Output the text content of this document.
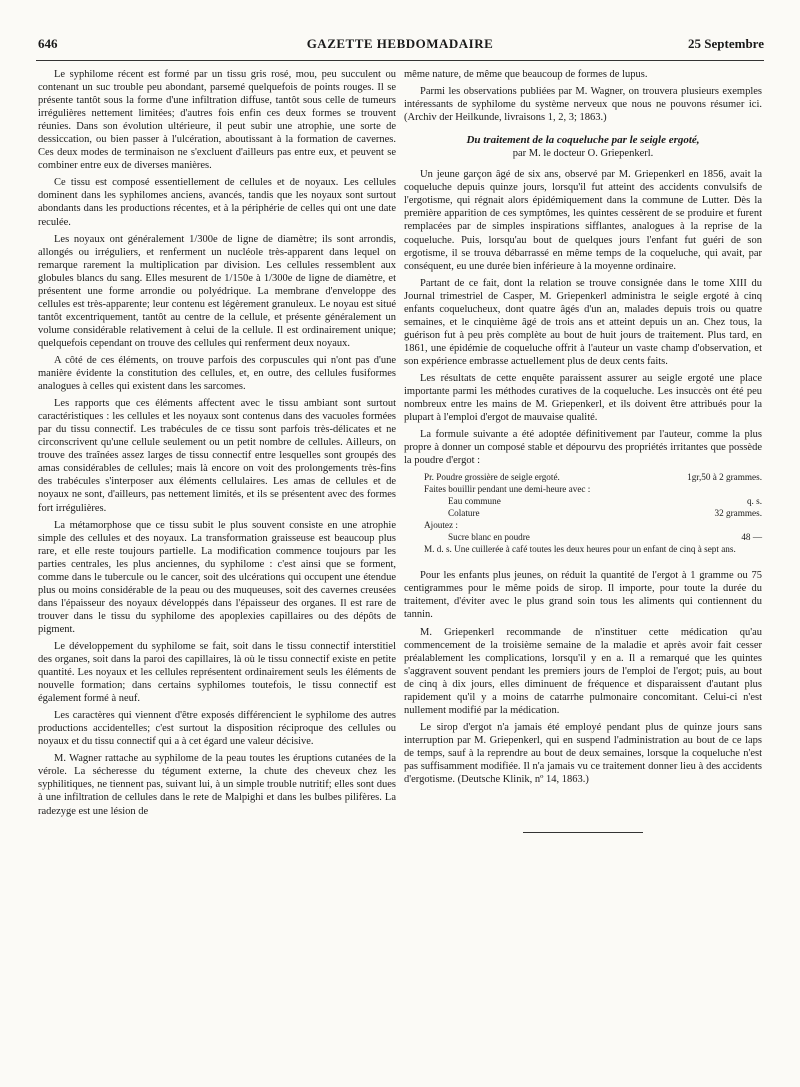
646	GAZETTE HEBDOMADAIRE	25 Septembre

Le syphilome récent est formé par un tissu gris rosé, mou, peu succulent ou contenant un suc trouble peu abondant, parsemé quelquefois de points rouges. Il se présente tantôt sous la forme d'une infiltration diffuse, tantôt sous celle de tumeurs irrégulières nettement limitées; d'autres fois enfin ces deux formes se trouvent réunies. Dans son évolution ultérieure, il peut subir une atrophie, une sorte de dessiccation, ou bien passer à l'ulcération, aboutissant à la formation de cavernes. Ces deux modes de terminaison ne s'excluent d'ailleurs pas entre eux, et peuvent se combiner entre eux de diverses manières.

Ce tissu est composé essentiellement de cellules et de noyaux. Les cellules dominent dans les syphilomes anciens, avancés, tandis que les noyaux sont surtout abondants dans les productions récentes, et à la périphérie de celles qui ont une date reculée.

Les noyaux ont généralement 1/300e de ligne de diamètre; ils sont arrondis, allongés ou irréguliers, et renferment un nucléole très-apparent dans lequel on remarque rarement la multiplication par division. Les cellules ressemblent aux globules blancs du sang. Elles mesurent de 1/150e à 1/300e de ligne de diamètre, et présentent une forme arrondie ou polyédrique. La membrane d'enveloppe des cellules est très-apparente; leur contenu est légèrement granuleux. Le noyau est situé tantôt excentriquement, tantôt au centre de la cellule, et présente généralement un volume considérable relativement à celui de la cellule. Il est ordinairement unique; quelquefois cependant on trouve des cellules qui renferment deux noyaux.

A côté de ces éléments, on trouve parfois des corpuscules qui n'ont pas d'une manière évidente la constitution des cellules, et, en outre, des cellules fusiformes analogues à celles qui existent dans les sarcomes.

Les rapports que ces éléments affectent avec le tissu ambiant sont surtout caractéristiques : les cellules et les noyaux sont contenus dans des vacuoles formées par du tissu connectif. Les trabécules de ce tissu sont parfois très-délicates et ne circonscrivent qu'une cellule seulement ou un petit nombre de cellules. Ailleurs, on trouve des traînées assez larges de tissu connectif entre lesquelles sont groupés des amas considérables de cellules; mais là encore on voit des prolongements très-fins des trabécules s'interposer aux éléments cellulaires. Les amas de cellules et de noyaux ne sont, d'ailleurs, pas nettement limités, et ils se présentent avec des formes fort irrégulières.

La métamorphose que ce tissu subit le plus souvent consiste en une atrophie simple des cellules et des noyaux. La transformation graisseuse est beaucoup plus rare, et elle reste toujours partielle. La modification commence toujours par les parties centrales, les plus anciennes, du syphilome : c'est ainsi que se forment, comme dans le tubercule ou le cancer, soit des ulcérations qui occupent une étendue plus ou moins considérable de la peau ou des muqueuses, soit des cavernes creusées dans l'épaisseur des noyaux développés dans l'épaisseur des organes. Il est rare de trouver dans le tissu du syphilome des apoplexies capillaires ou des dépôts de pigment.

Le développement du syphilome se fait, soit dans le tissu connectif interstitiel des organes, soit dans la paroi des capillaires, là où le tissu connectif existe en petite quantité. Les noyaux et les cellules représentent ordinairement seuls les éléments de nouvelle formation; dans certains syphilomes toutefois, le tissu connectif est également formé à neuf.

Les caractères qui viennent d'être exposés différencient le syphilome des autres productions accidentelles; c'est surtout la disposition réciproque des cellules ou noyaux et du tissu connectif qui a à cet égard une valeur décisive.

M. Wagner rattache au syphilome de la peau toutes les éruptions cutanées de la vérole. La sécheresse du tégument externe, la chute des cheveux chez les syphilitiques, ne tiennent pas, suivant lui, à un simple trouble nutritif; elles sont dues à une infiltration de cellules dans le rete de Malpighi et dans les bulbes pilifères. La radezyge est une lésion de

même nature, de même que beaucoup de formes de lupus.

Parmi les observations publiées par M. Wagner, on trouvera plusieurs exemples intéressants de syphilome du système nerveux que nous ne pouvons résumer ici. (Archiv der Heilkunde, livraisons 1, 2, 3; 1863.)

Du traitement de la coqueluche par le seigle ergoté,
par M. le docteur O. Griepenkerl.

Un jeune garçon âgé de six ans, observé par M. Griepenkerl en 1856, avait la coqueluche depuis quinze jours, lorsqu'il fut atteint des accidents convulsifs de l'ergotisme, qui régnait alors épidémiquement dans la commune de Lutter. Dès la première apparition de ces symptômes, les quintes cessèrent de se produire et furent remplacées par de simples inspirations sifflantes, analogues à la reprise de la coqueluche. Puis, lorsqu'au bout de quelques jours l'enfant fut guéri de son ergotisme, il se trouva débarrassé en même temps de la coqueluche, qui avait, par conséquent, eu une durée bien inférieure à la moyenne ordinaire.

Partant de ce fait, dont la relation se trouve consignée dans le tome XIII du Journal trimestriel de Casper, M. Griepenkerl administra le seigle ergoté à cinq enfants coquelucheux, dont quatre âgés d'un an, malades depuis trois ou quatre semaines, et le cinquième âgé de trois ans et atteint depuis un an. Chez tous, la guérison fut à peu près complète au bout de huit jours de traitement. Plus tard, en 1861, une épidémie de coqueluche offrit à l'auteur un vaste champ d'observation, et son expérience embrasse actuellement plus de deux cents faits.

Les résultats de cette enquête paraissent assurer au seigle ergoté une place importante parmi les méthodes curatives de la coqueluche. Les insuccès ont été peu nombreux entre les mains de M. Griepenkerl, et ils doivent être attribués pour la plupart à l'emploi d'ergot de mauvaise qualité.

La formule suivante a été adoptée définitivement par l'auteur, comme la plus propre à donner un composé stable et dépourvu des propriétés irritantes que possède la poudre d'ergot :

Pr. Poudre grossière de seigle ergoté.	1gr,50 à 2 grammes.
Faites bouillir pendant une demi-heure avec :
Eau commune	q. s.
Colature	32 grammes.
Ajoutez :
Sucre blanc en poudre	48 —
M. d. s. Une cuillerée à café toutes les deux heures pour un enfant de cinq à sept ans.

Pour les enfants plus jeunes, on réduit la quantité de l'ergot à 1 gramme ou 75 centigrammes pour le même poids de sirop. Il importe, pour toute la durée du traitement, d'éviter avec le plus grand soin tous les aliments qui contiennent du tannin.

M. Griepenkerl recommande de n'instituer cette médication qu'au commencement de la troisième semaine de la maladie et après avoir fait cesser préalablement les complications, lorsqu'il y en a. Il a remarqué que les quintes s'aggravent souvent pendant les premiers jours de l'emploi de l'ergot; puis, au bout de cinq à dix jours, elles diminuent de fréquence et disparaissent d'autant plus rapidement qu'il y a moins de catarrhe pulmonaire concomitant. Celui-ci n'est nullement modifié par la médication.

Le sirop d'ergot n'a jamais été employé pendant plus de quinze jours sans interruption par M. Griepenkerl, qui en suspend l'administration au bout de ce laps de temps, sauf à la reprendre au bout de deux semaines, lorsque la coqueluche n'est pas suffisamment modifiée. Il n'a jamais vu ce traitement donner lieu à des accidents d'ergotisme. (Deutsche Klinik, nº 14, 1863.)
